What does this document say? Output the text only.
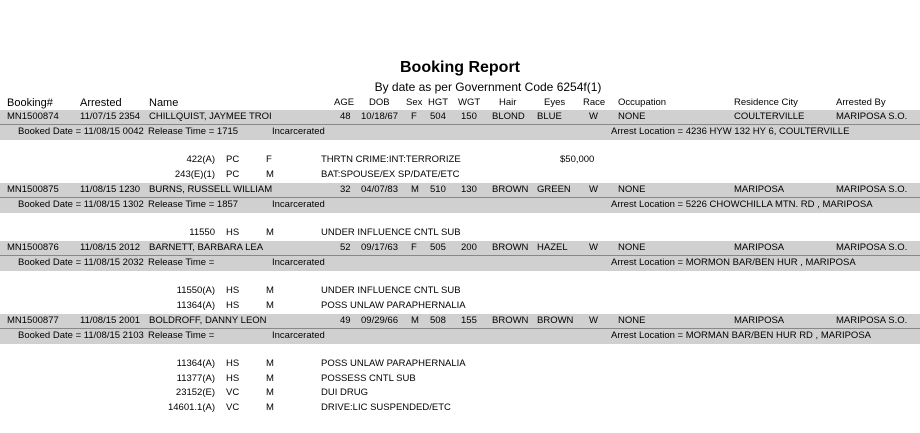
Booking Report
By date as per Government Code 6254f(1)
Booking# Arrested Name	AGE DOB Sex HGT WGT Hair	Eyes Race Occupation	Residence City	Arrested By
MN1500874 11/07/15 2354 CHILLQUIST, JAYMEE TROI	48 10/18/67 F 504 150 BLOND BLUE	W NONE	COULTERVILLE	MARIPOSA S.O.
Booked Date = 11/08/15 0042 Release Time = 1715	Incarcerated	Arrest Location = 4236 HYW 132 HY 6, COULTERVILLE
422(A) PC	F	THRTN CRIME:INT:TERRORIZE	$50,000
243(E)(1) PC	M	BAT:SPOUSE/EX SP/DATE/ETC
MN1500875 11/08/15 1230 BURNS, RUSSELL WILLIAM	32 04/07/83 M 510 130 BROWN GREEN W NONE	MARIPOSA	MARIPOSA S.O.
Booked Date = 11/08/15 1302 Release Time = 1857	Incarcerated	Arrest Location = 5226 CHOWCHILLA MTN. RD , MARIPOSA
11550 HS	M	UNDER INFLUENCE CNTL SUB
MN1500876 11/08/15 2012 BARNETT, BARBARA LEA	52 09/17/63 F 505 200 BROWN HAZEL W NONE	MARIPOSA	MARIPOSA S.O.
Booked Date = 11/08/15 2032 Release Time =	Incarcerated	Arrest Location = MORMON BAR/BEN HUR , MARIPOSA
11550(A) HS	M	UNDER INFLUENCE CNTL SUB
11364(A) HS	M	POSS UNLAW PARAPHERNALIA
MN1500877 11/08/15 2001 BOLDROFF, DANNY LEON	49 09/29/66 M 508 155 BROWN BROWN W NONE	MARIPOSA	MARIPOSA S.O.
Booked Date = 11/08/15 2103 Release Time =	Incarcerated	Arrest Location = MORMAN BAR/BEN HUR RD , MARIPOSA
11364(A) HS	M	POSS UNLAW PARAPHERNALIA
11377(A) HS	M	POSSESS CNTL SUB
23152(E) VC	M	DUI DRUG
14601.1(A) VC	M	DRIVE:LIC SUSPENDED/ETC
